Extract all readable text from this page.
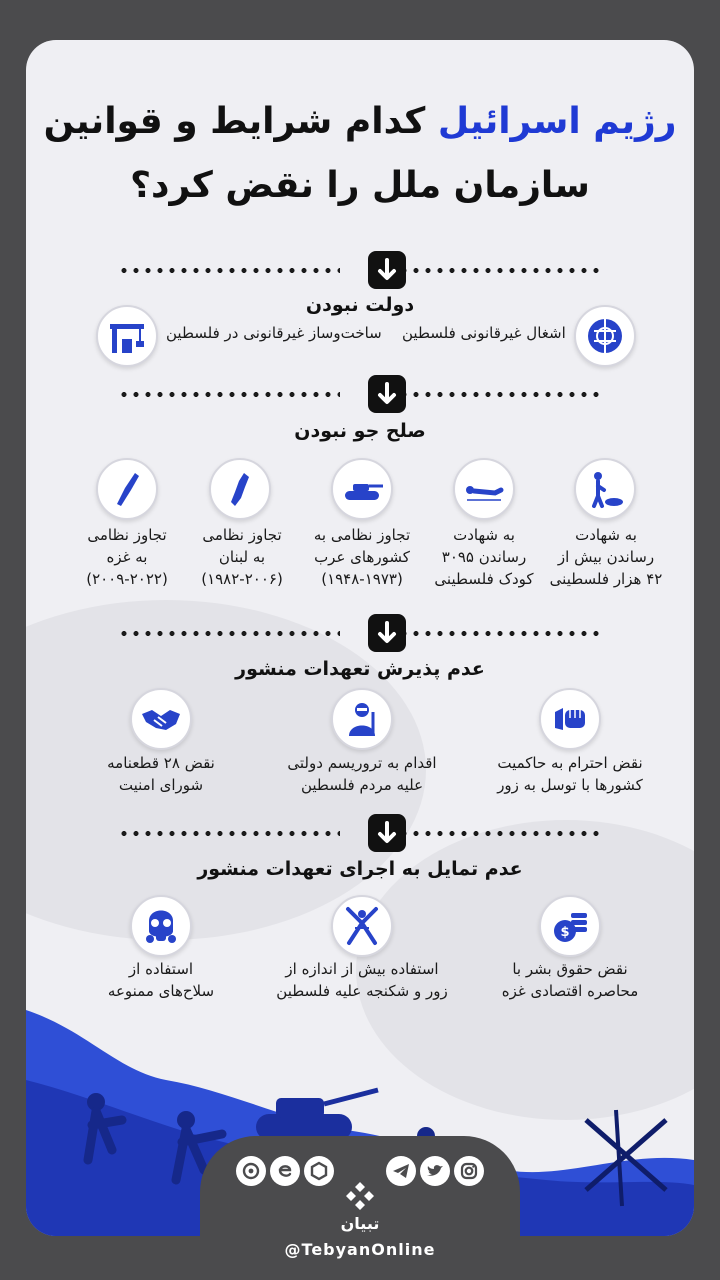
رژیم اسرائیل کدام شرایط و قوانین
سازمان ملل را نقض کرد؟
دولت نبودن
اشغال غیرقانونی فلسطین
ساخت‌وساز غیرقانونی در فلسطین
صلح جو نبودن
به شهادت
رساندن بیش از
۴۲ هزار فلسطینی
به شهادت
رساندن ۳۰۹۵
کودک فلسطینی
تجاوز نظامی به
کشورهای عرب
(۱۹۴۸-۱۹۷۳)
تجاوز نظامی
به لبنان
(۱۹۸۲-۲۰۰۶)
تجاوز نظامی
به غزه
(۲۰۰۹-۲۰۲۲)
عدم پذیرش تعهدات منشور
نقض احترام به حاکمیت
کشورها با توسل به زور
اقدام به تروریسم دولتی
علیه مردم فلسطین
نقض ۲۸ قطعنامه
شورای امنیت
عدم تمایل به اجرای تعهدات منشور
$
نقض حقوق بشر با
محاصره اقتصادی غزه
استفاده بیش از اندازه از
زور و شکنجه علیه فلسطین
استفاده از
سلاح‌های ممنوعه
تبیان
@TebyanOnline
